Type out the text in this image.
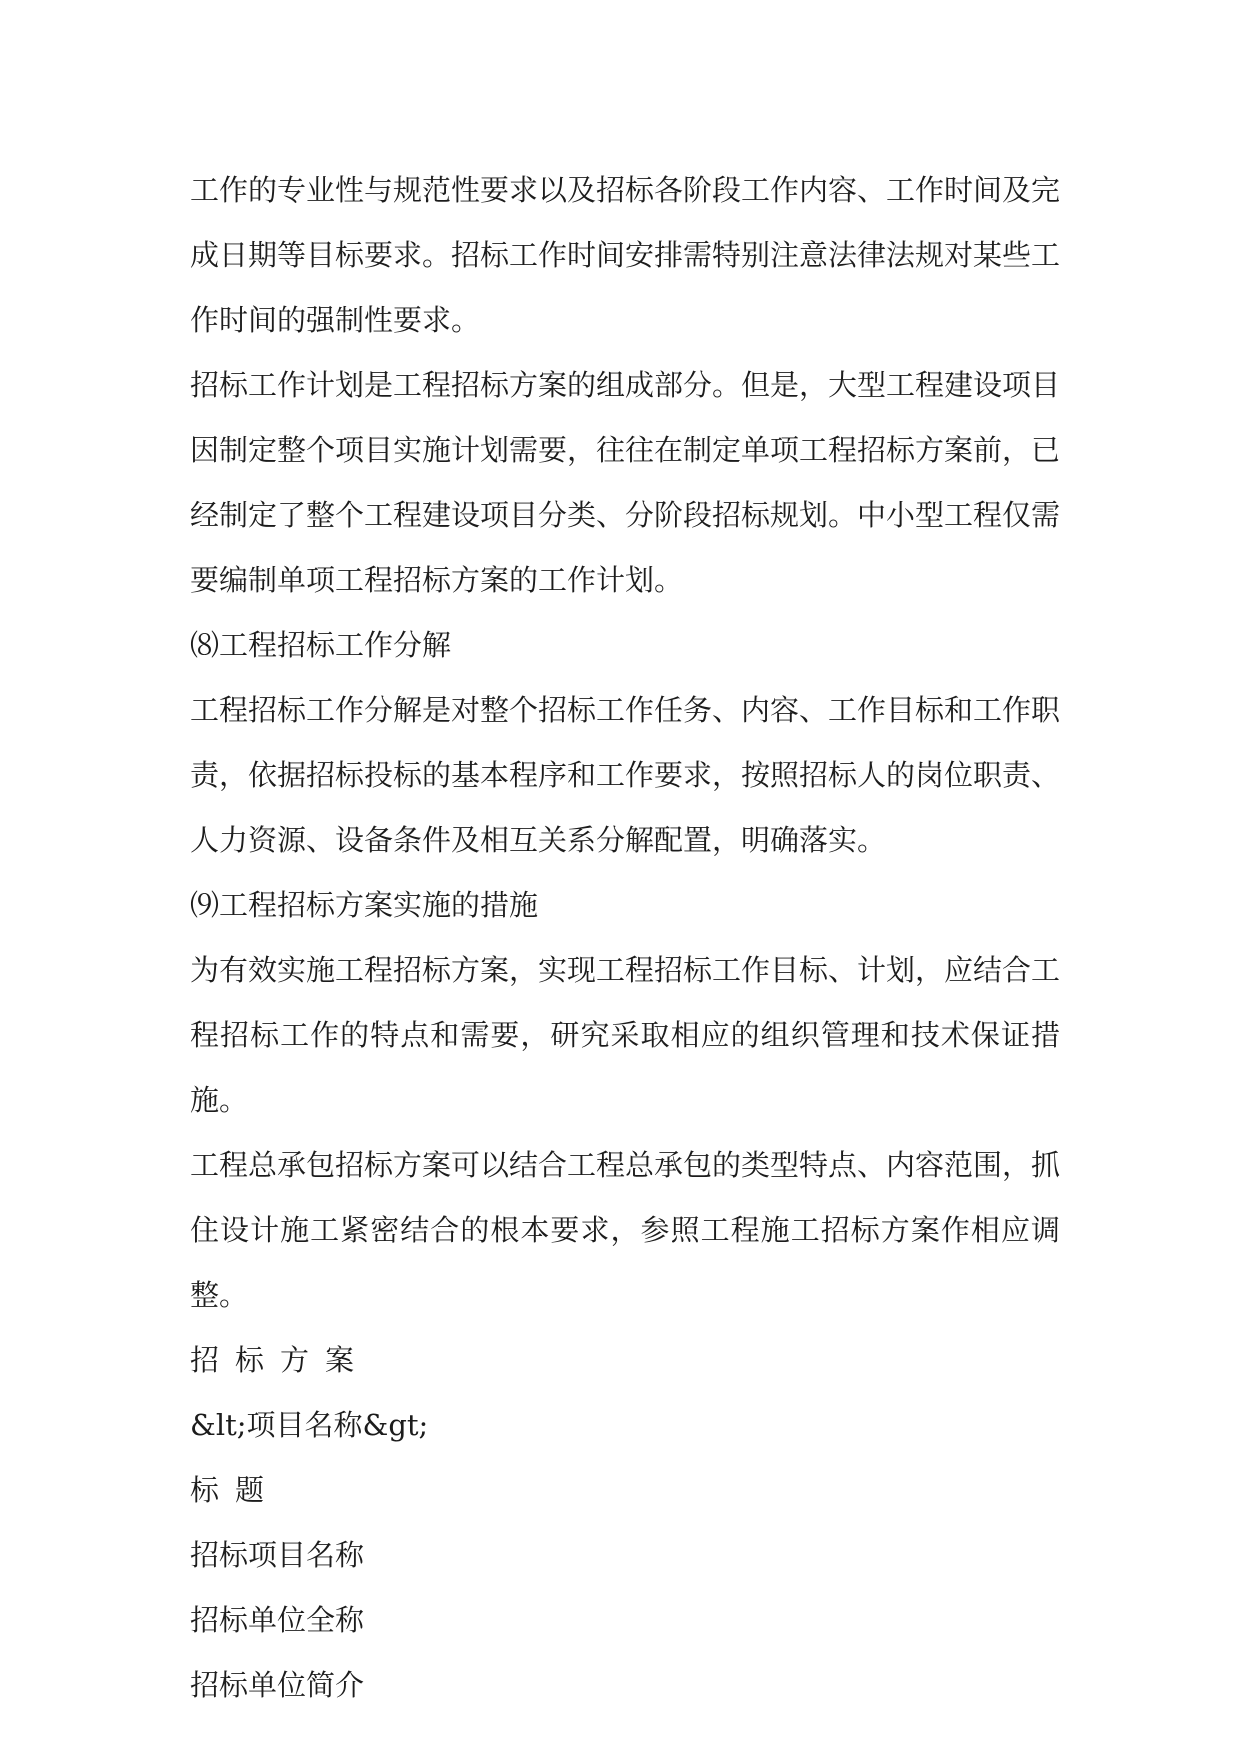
工作的专业性与规范性要求以及招标各阶段工作内容、工作时间及完成日期等目标要求。招标工作时间安排需特别注意法律法规对某些工作时间的强制性要求。

招标工作计划是工程招标方案的组成部分。但是，大型工程建设项目因制定整个项目实施计划需要，往往在制定单项工程招标方案前，已经制定了整个工程建设项目分类、分阶段招标规划。中小型工程仅需要编制单项工程招标方案的工作计划。

⑻工程招标工作分解

工程招标工作分解是对整个招标工作任务、内容、工作目标和工作职责，依据招标投标的基本程序和工作要求，按照招标人的岗位职责、人力资源、设备条件及相互关系分解配置，明确落实。

⑼工程招标方案实施的措施

为有效实施工程招标方案，实现工程招标工作目标、计划，应结合工程招标工作的特点和需要，研究采取相应的组织管理和技术保证措施。

工程总承包招标方案可以结合工程总承包的类型特点、内容范围，抓住设计施工紧密结合的根本要求，参照工程施工招标方案作相应调整。

招标方案

&lt;项目名称&gt;

标题

招标项目名称

招标单位全称

招标单位简介
